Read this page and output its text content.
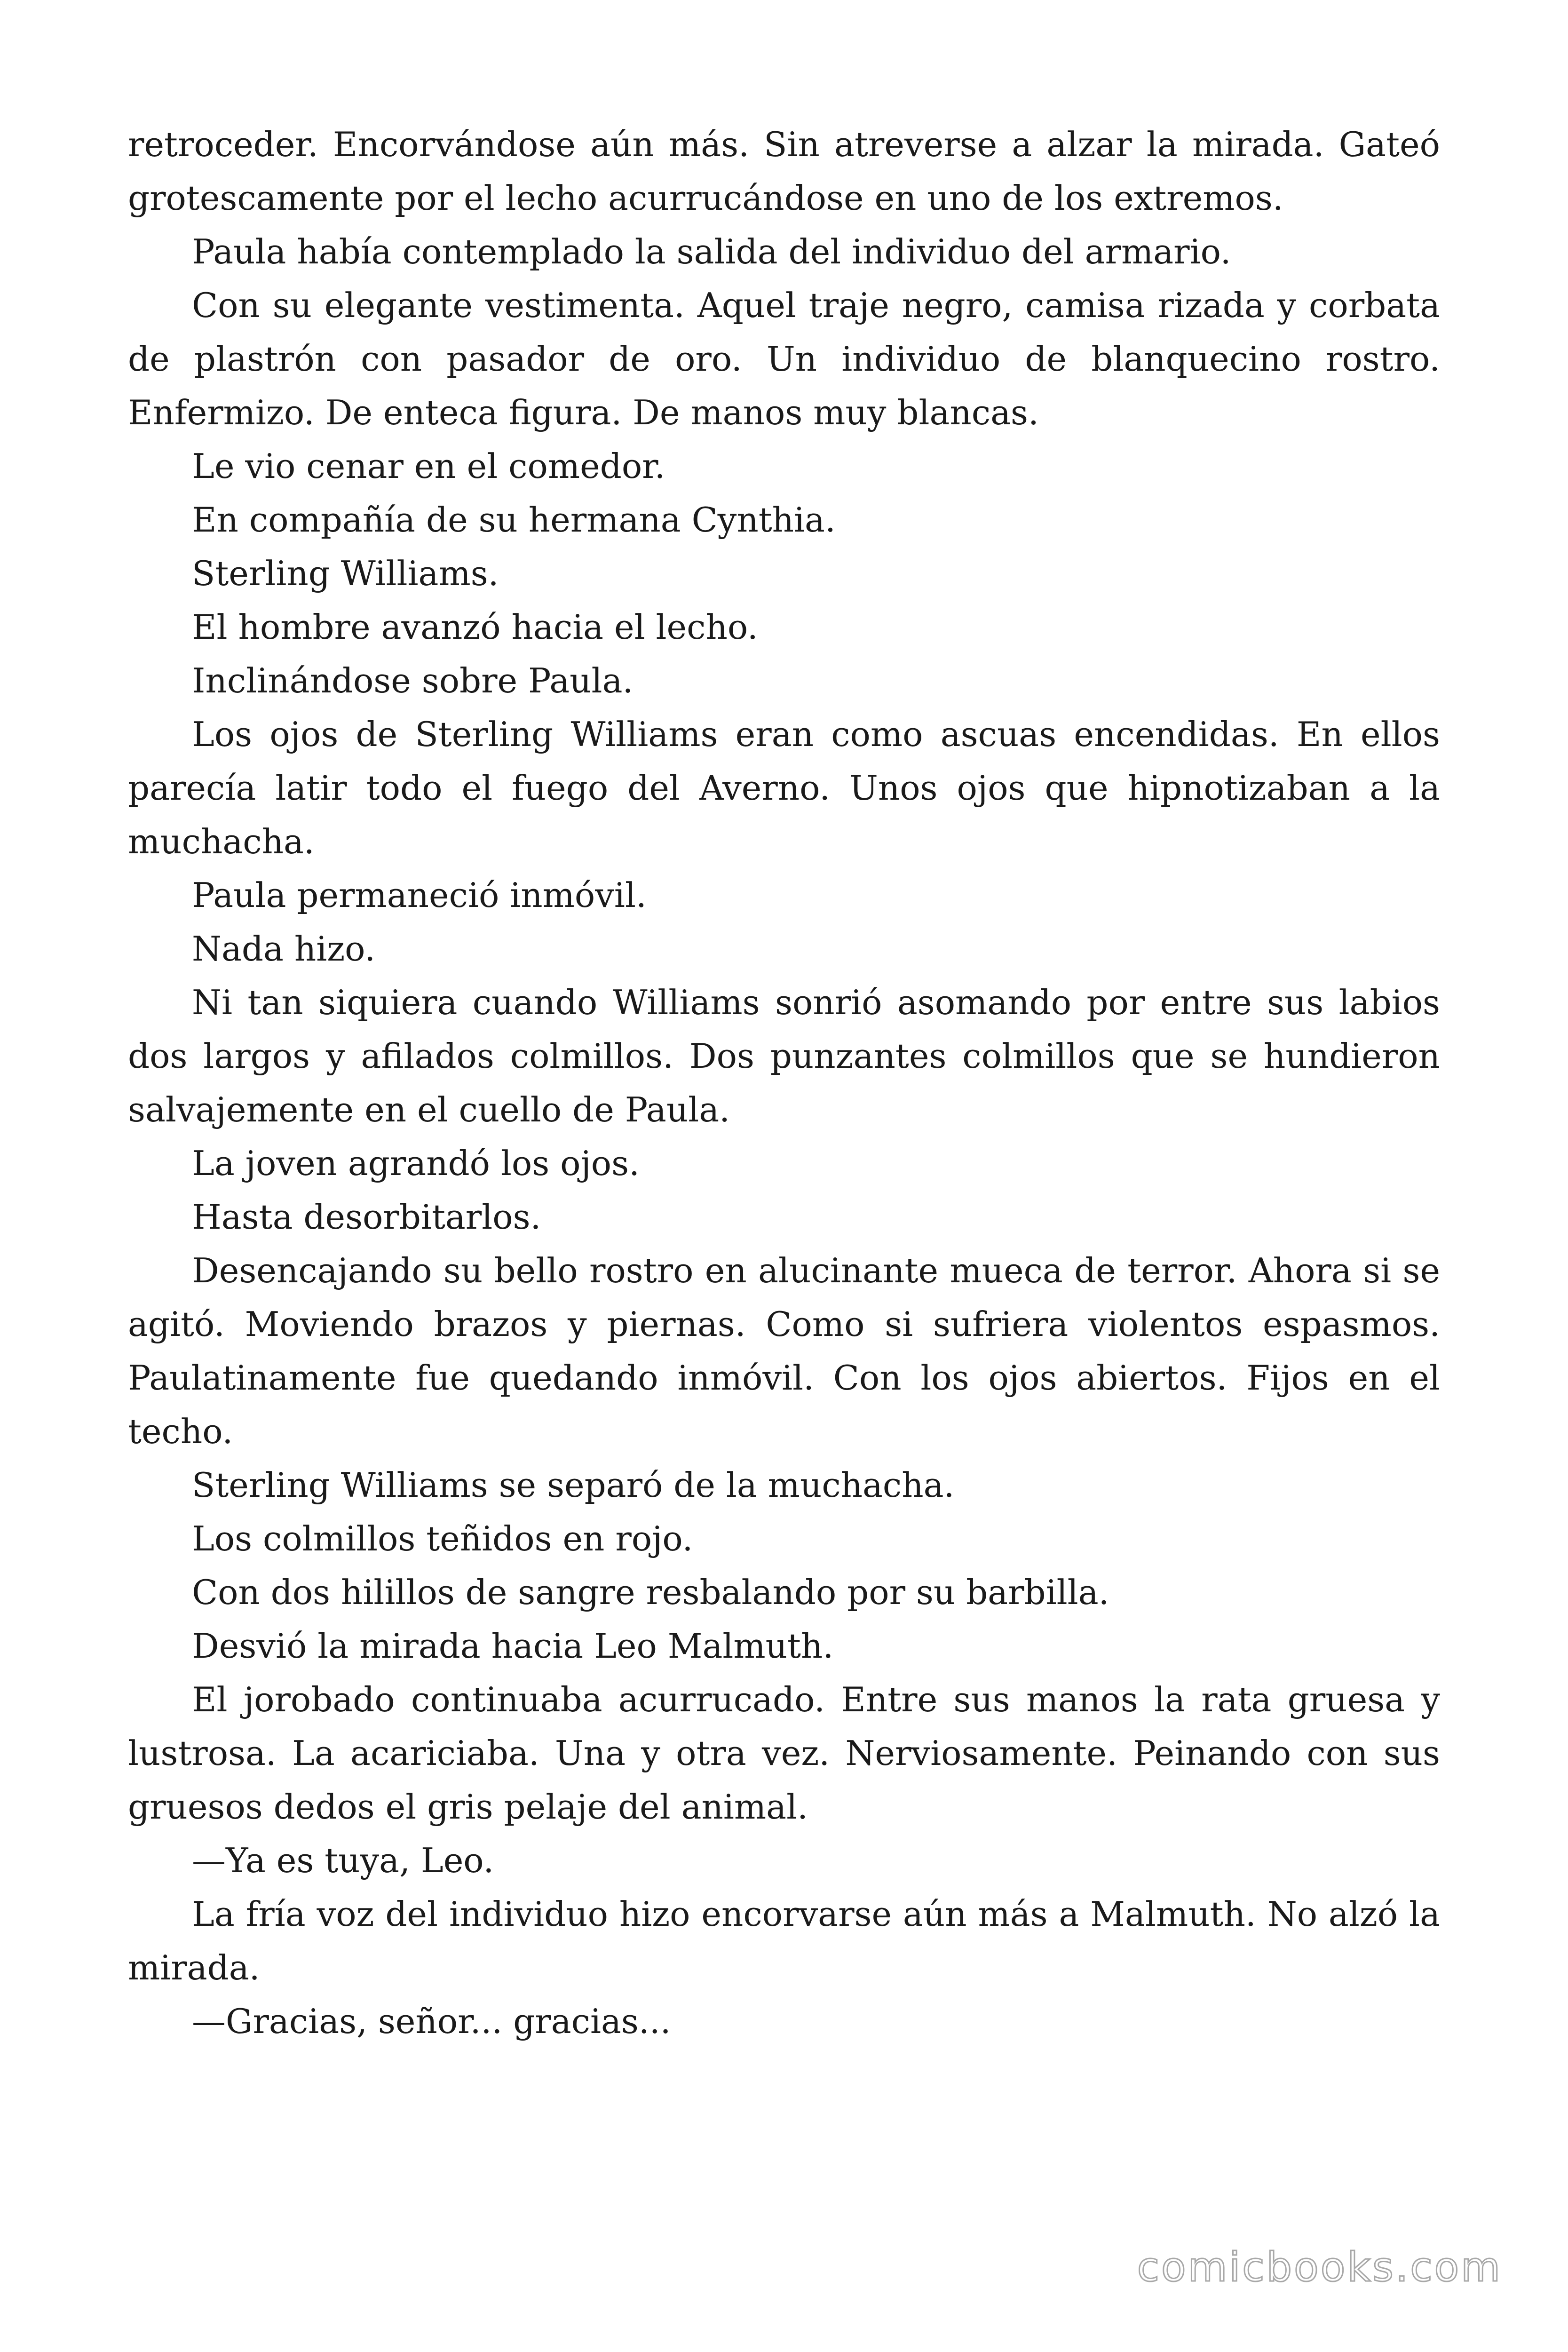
retroceder. Encorvándose aún más. Sin atreverse a alzar la mirada. Gateó grotescamente por el lecho acurrucándose en uno de los extremos.

Paula había contemplado la salida del individuo del armario.

Con su elegante vestimenta. Aquel traje negro, camisa rizada y corbata de plastrón con pasador de oro. Un individuo de blanquecino rostro. Enfermizo. De enteca figura. De manos muy blancas.

Le vio cenar en el comedor.

En compañía de su hermana Cynthia.

Sterling Williams.

El hombre avanzó hacia el lecho.

Inclinándose sobre Paula.

Los ojos de Sterling Williams eran como ascuas encendidas. En ellos parecía latir todo el fuego del Averno. Unos ojos que hipnotizaban a la muchacha.

Paula permaneció inmóvil.

Nada hizo.

Ni tan siquiera cuando Williams sonrió asomando por entre sus labios dos largos y afilados colmillos. Dos punzantes colmillos que se hundieron salvajemente en el cuello de Paula.

La joven agrandó los ojos.

Hasta desorbitarlos.

Desencajando su bello rostro en alucinante mueca de terror. Ahora si se agitó. Moviendo brazos y piernas. Como si sufriera violentos espasmos. Paulatinamente fue quedando inmóvil. Con los ojos abiertos. Fijos en el techo.

Sterling Williams se separó de la muchacha.

Los colmillos teñidos en rojo.

Con dos hilillos de sangre resbalando por su barbilla.

Desvió la mirada hacia Leo Malmuth.

El jorobado continuaba acurrucado. Entre sus manos la rata gruesa y lustrosa. La acariciaba. Una y otra vez. Nerviosamente. Peinando con sus gruesos dedos el gris pelaje del animal.

—Ya es tuya, Leo.

La fría voz del individuo hizo encorvarse aún más a Malmuth. No alzó la mirada.

—Gracias, señor... gracias...

comicbooks.com
